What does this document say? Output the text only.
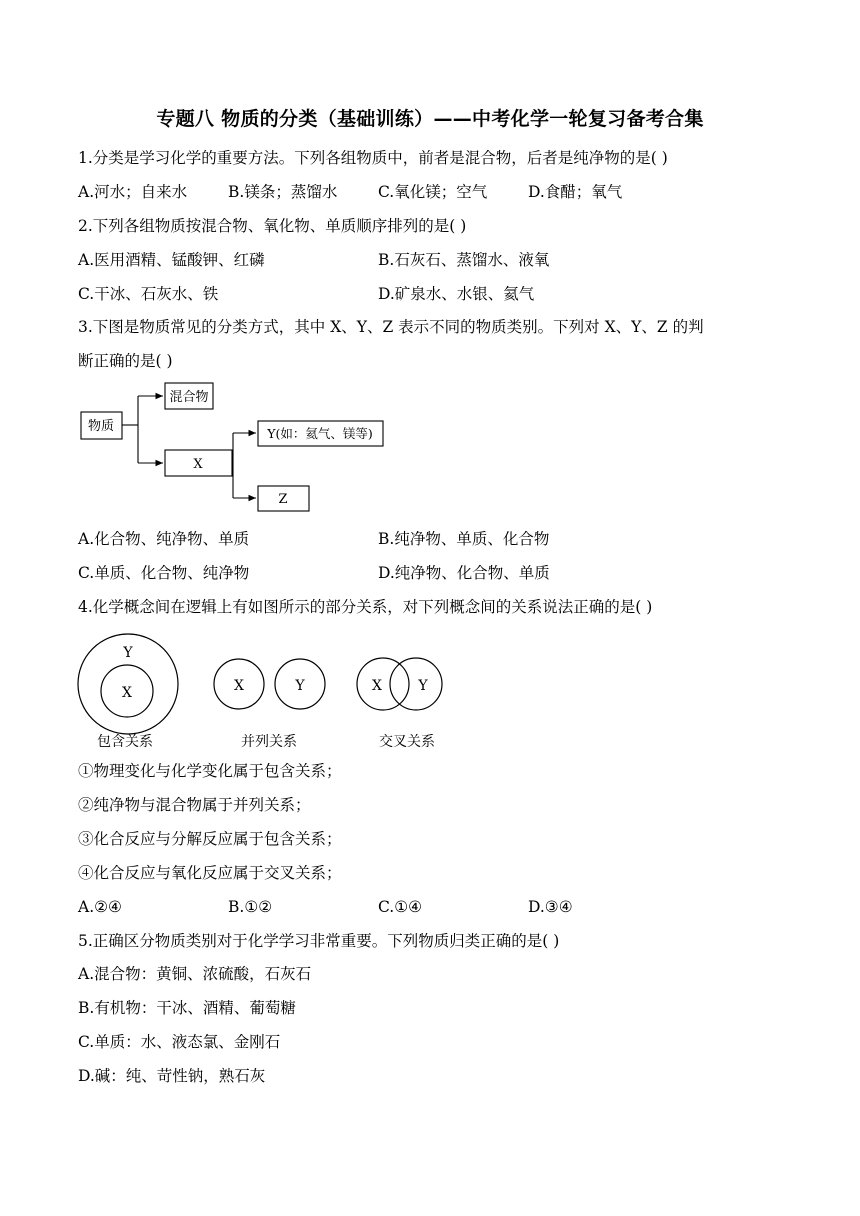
专题八 物质的分类（基础训练）——中考化学一轮复习备考合集
1.分类是学习化学的重要方法。下列各组物质中，前者是混合物，后者是纯净物的是( )
A.河水；自来水	B.镁条；蒸馏水	C.氧化镁；空气	D.食醋；氧气
2.下列各组物质按混合物、氧化物、单质顺序排列的是( )
A.医用酒精、锰酸钾、红磷	B.石灰石、蒸馏水、液氧
C.干冰、石灰水、铁	D.矿泉水、水银、氦气
3.下图是物质常见的分类方式，其中 X、Y、Z 表示不同的物质类别。下列对 X、Y、Z 的判
断正确的是( )
物质
混合物
X
Y(如：氦气、镁等)
Z
Y
X	X	Y	X	Y
包含关系	并列关系	交叉关系
A.化合物、纯净物、单质	B.纯净物、单质、化合物
C.单质、化合物、纯净物	D.纯净物、化合物、单质
4.化学概念间在逻辑上有如图所示的部分关系，对下列概念间的关系说法正确的是( )
①物理变化与化学变化属于包含关系；
②纯净物与混合物属于并列关系；
③化合反应与分解反应属于包含关系；
④化合反应与氧化反应属于交叉关系；
A.②④	B.①②	C.①④	D.③④
5.正确区分物质类别对于化学学习非常重要。下列物质归类正确的是( )
A.混合物：黄铜、浓硫酸，石灰石
B.有机物：干冰、酒精、葡萄糖
C.单质：水、液态氯、金刚石
D.碱：纯、苛性钠，熟石灰
